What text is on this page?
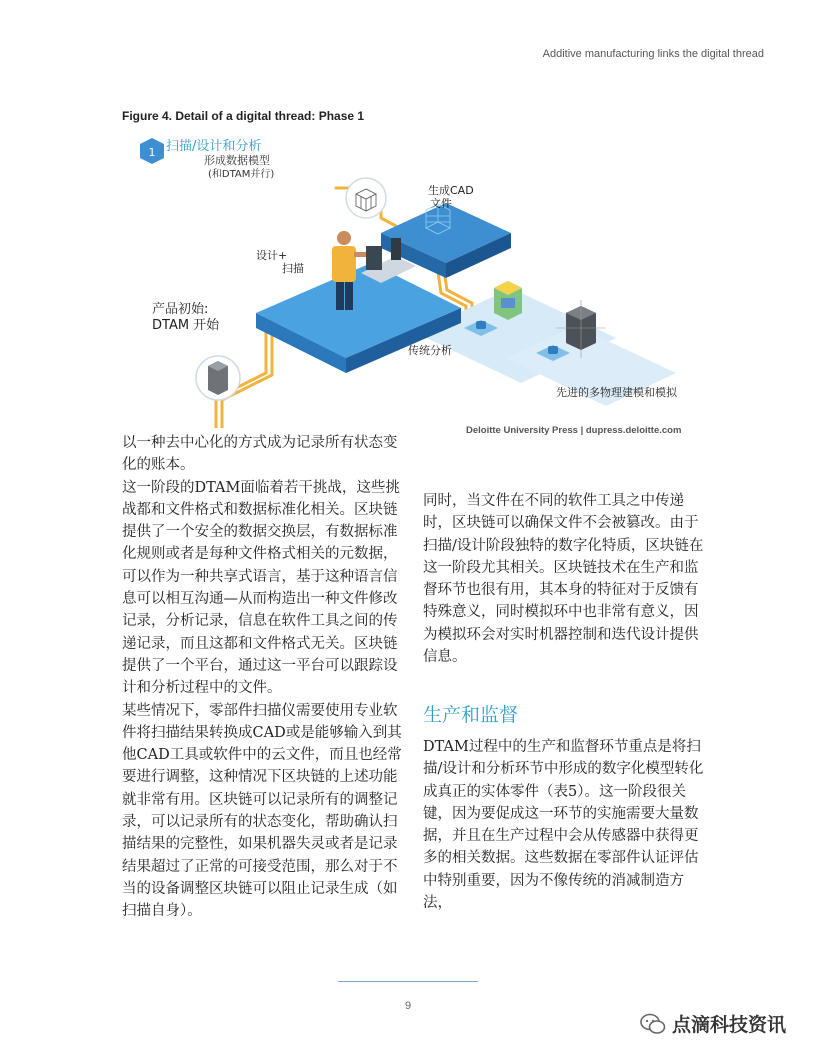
Additive manufacturing links the digital thread
Figure 4. Detail of a digital thread: Phase 1
1 扫描/设计和分析
形成数据模型
(和DTAM并行)
生成CAD
文件
设计+
扫描
产品初始:
DTAM 开始
传统分析
先进的多物理建模和模拟
Deloitte University Press | dupress.deloitte.com

以一种去中心化的方式成为记录所有状态变化的账本。

这一阶段的DTAM面临着若干挑战，这些挑战都和文件格式和数据标准化相关。区块链提供了一个安全的数据交换层，有数据标准化规则或者是每种文件格式相关的元数据，可以作为一种共享式语言，基于这种语言信息可以相互沟通—从而构造出一种文件修改记录，分析记录，信息在软件工具之间的传递记录，而且这都和文件格式无关。区块链提供了一个平台，通过这一平台可以跟踪设计和分析过程中的文件。

某些情况下，零部件扫描仪需要使用专业软件将扫描结果转换成CAD或是能够输入到其他CAD工具或软件中的云文件，而且也经常要进行调整，这种情况下区块链的上述功能就非常有用。区块链可以记录所有的调整记录，可以记录所有的状态变化，帮助确认扫描结果的完整性，如果机器失灵或者是记录结果超过了正常的可接受范围，那么对于不当的设备调整区块链可以阻止记录生成（如扫描自身）。

同时，当文件在不同的软件工具之中传递时，区块链可以确保文件不会被篡改。由于扫描/设计阶段独特的数字化特质，区块链在这一阶段尤其相关。区块链技术在生产和监督环节也很有用，其本身的特征对于反馈有特殊意义，同时模拟环中也非常有意义，因为模拟环会对实时机器控制和迭代设计提供信息。

生产和监督

DTAM过程中的生产和监督环节重点是将扫描/设计和分析环节中形成的数字化模型转化成真正的实体零件（表5）。这一阶段很关键，因为要促成这一环节的实施需要大量数据，并且在生产过程中会从传感器中获得更多的相关数据。这些数据在零部件认证评估中特别重要，因为不像传统的消减制造方法，

9
点滴科技资讯
